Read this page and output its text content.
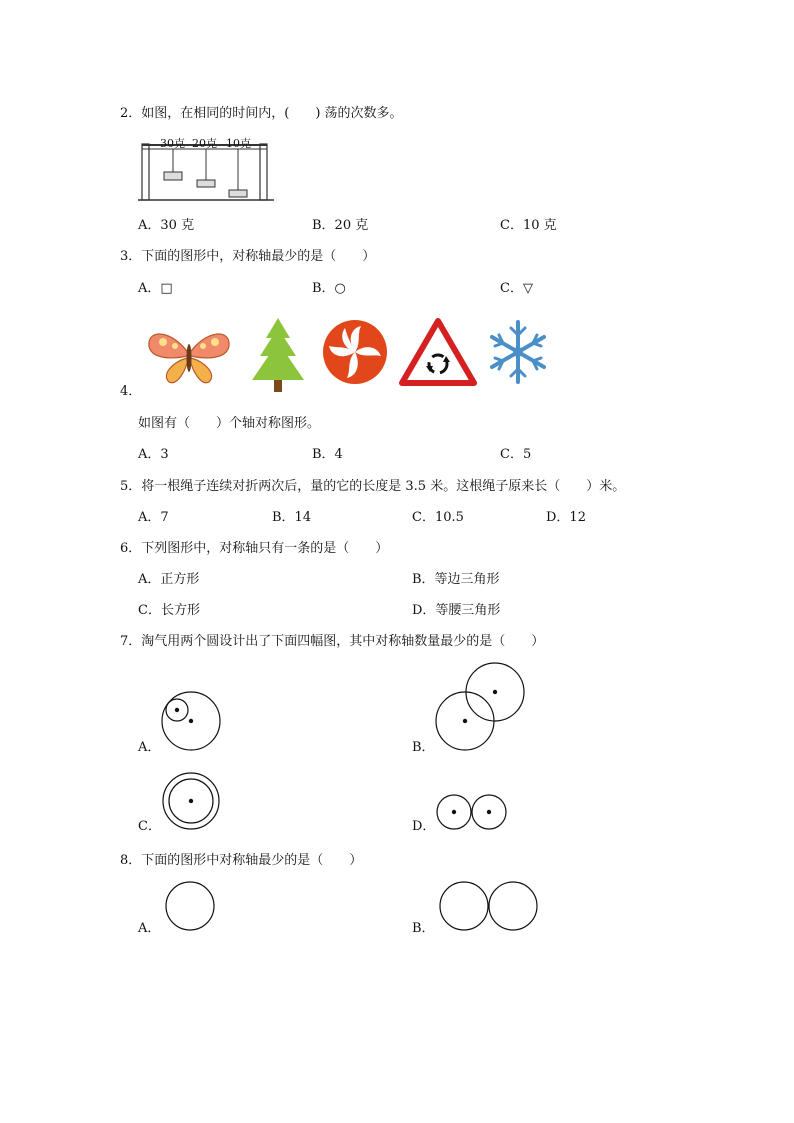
2．如图，在相同的时间内，(　　) 荡的次数多。
30克 20克 10克
A．30 克	B．20 克	C．10 克
3．下面的图形中，对称轴最少的是（　　）
A．□	B．○	C．▽
4．
如图有（　　）个轴对称图形。
A．3	B．4	C．5
5．将一根绳子连续对折两次后，量的它的长度是 3.5 米。这根绳子原来长（　　）米。
A．7	B．14	C．10.5	D．12
6．下列图形中，对称轴只有一条的是（　　）
A．正方形	B．等边三角形
C．长方形	D．等腰三角形
7．淘气用两个圆设计出了下面四幅图，其中对称轴数量最少的是（　　）
A．	B．
C．	D．
8．下面的图形中对称轴最少的是（　　）
A．	B．
